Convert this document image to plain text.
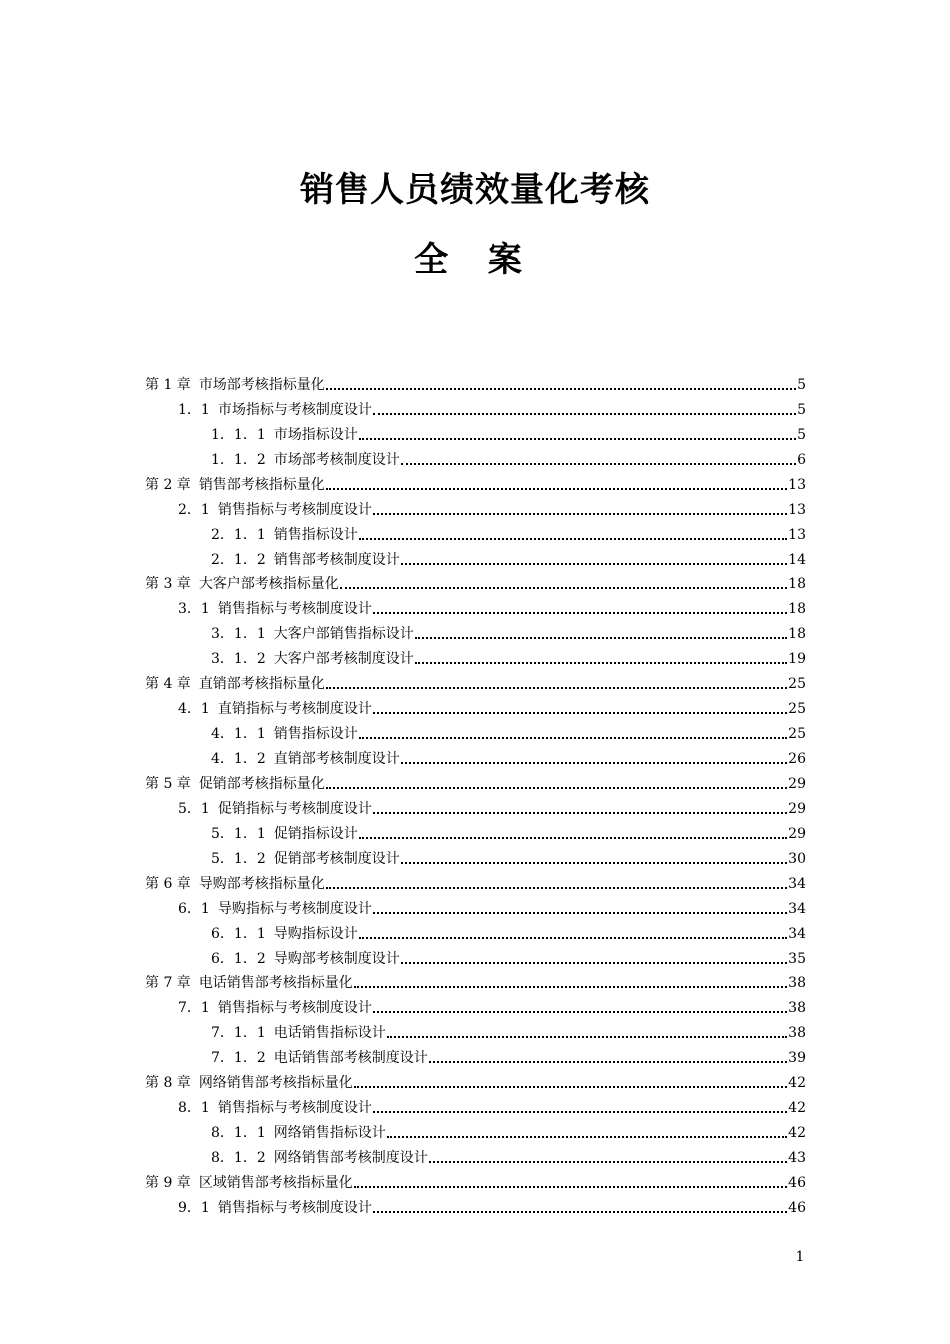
销售人员绩效量化考核
全 案
第 1 章 市场部考核指标量化	5
1．1 市场指标与考核制度设计	5
1．1．1 市场指标设计	5
1．1．2 市场部考核制度设计	6
第 2 章 销售部考核指标量化	13
2．1 销售指标与考核制度设计	13
2．1．1 销售指标设计	13
2．1．2 销售部考核制度设计	14
第 3 章 大客户部考核指标量化	18
3．1 销售指标与考核制度设计	18
3．1．1 大客户部销售指标设计	18
3．1．2 大客户部考核制度设计	19
第 4 章 直销部考核指标量化	25
4．1 直销指标与考核制度设计	25
4．1．1 销售指标设计	25
4．1．2 直销部考核制度设计	26
第 5 章 促销部考核指标量化	29
5．1 促销指标与考核制度设计	29
5．1．1 促销指标设计	29
5．1．2 促销部考核制度设计	30
第 6 章 导购部考核指标量化	34
6．1 导购指标与考核制度设计	34
6．1．1 导购指标设计	34
6．1．2 导购部考核制度设计	35
第 7 章 电话销售部考核指标量化	38
7．1 销售指标与考核制度设计	38
7．1．1 电话销售指标设计	38
7．1．2 电话销售部考核制度设计	39
第 8 章 网络销售部考核指标量化	42
8．1 销售指标与考核制度设计	42
8．1．1 网络销售指标设计	42
8．1．2 网络销售部考核制度设计	43
第 9 章 区域销售部考核指标量化	46
9．1 销售指标与考核制度设计	46
1
